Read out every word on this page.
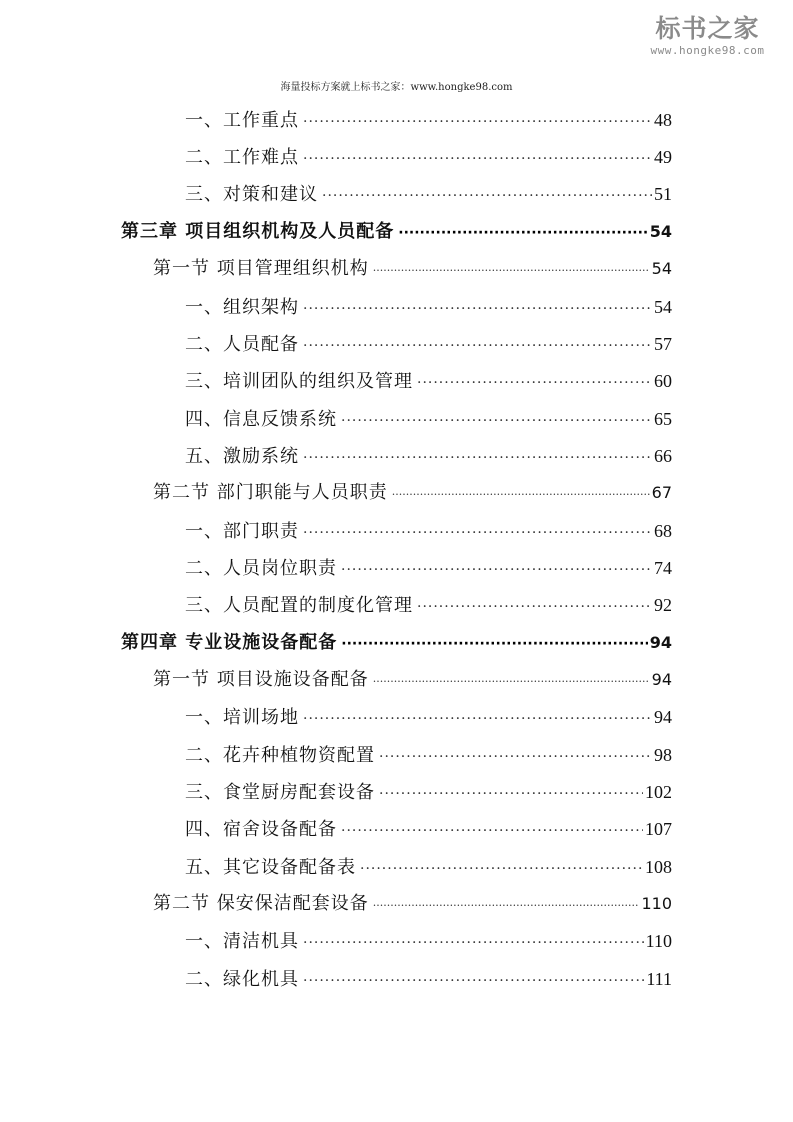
标书之家
www.hongke98.com
海量投标方案就上标书之家：www.hongke98.com
一、工作重点 ·····	48
二、工作难点 ·····	49
三、对策和建议 ·····	51
第三章 项目组织机构及人员配备 ·····	54
第一节 项目管理组织机构 ·····	54
一、组织架构 ·····	54
二、人员配备 ·····	57
三、培训团队的组织及管理 ·····	60
四、信息反馈系统 ·····	65
五、激励系统 ·····	66
第二节 部门职能与人员职责 ·····	67
一、部门职责 ·····	68
二、人员岗位职责 ·····	74
三、人员配置的制度化管理 ·····	92
第四章 专业设施设备配备 ·····	94
第一节 项目设施设备配备 ·····	94
一、培训场地 ·····	94
二、花卉种植物资配置 ·····	98
三、食堂厨房配套设备 ·····	102
四、宿舍设备配备 ·····	107
五、其它设备配备表 ·····	108
第二节 保安保洁配套设备 ·····	110
一、清洁机具 ·····	110
二、绿化机具 ·····	111
